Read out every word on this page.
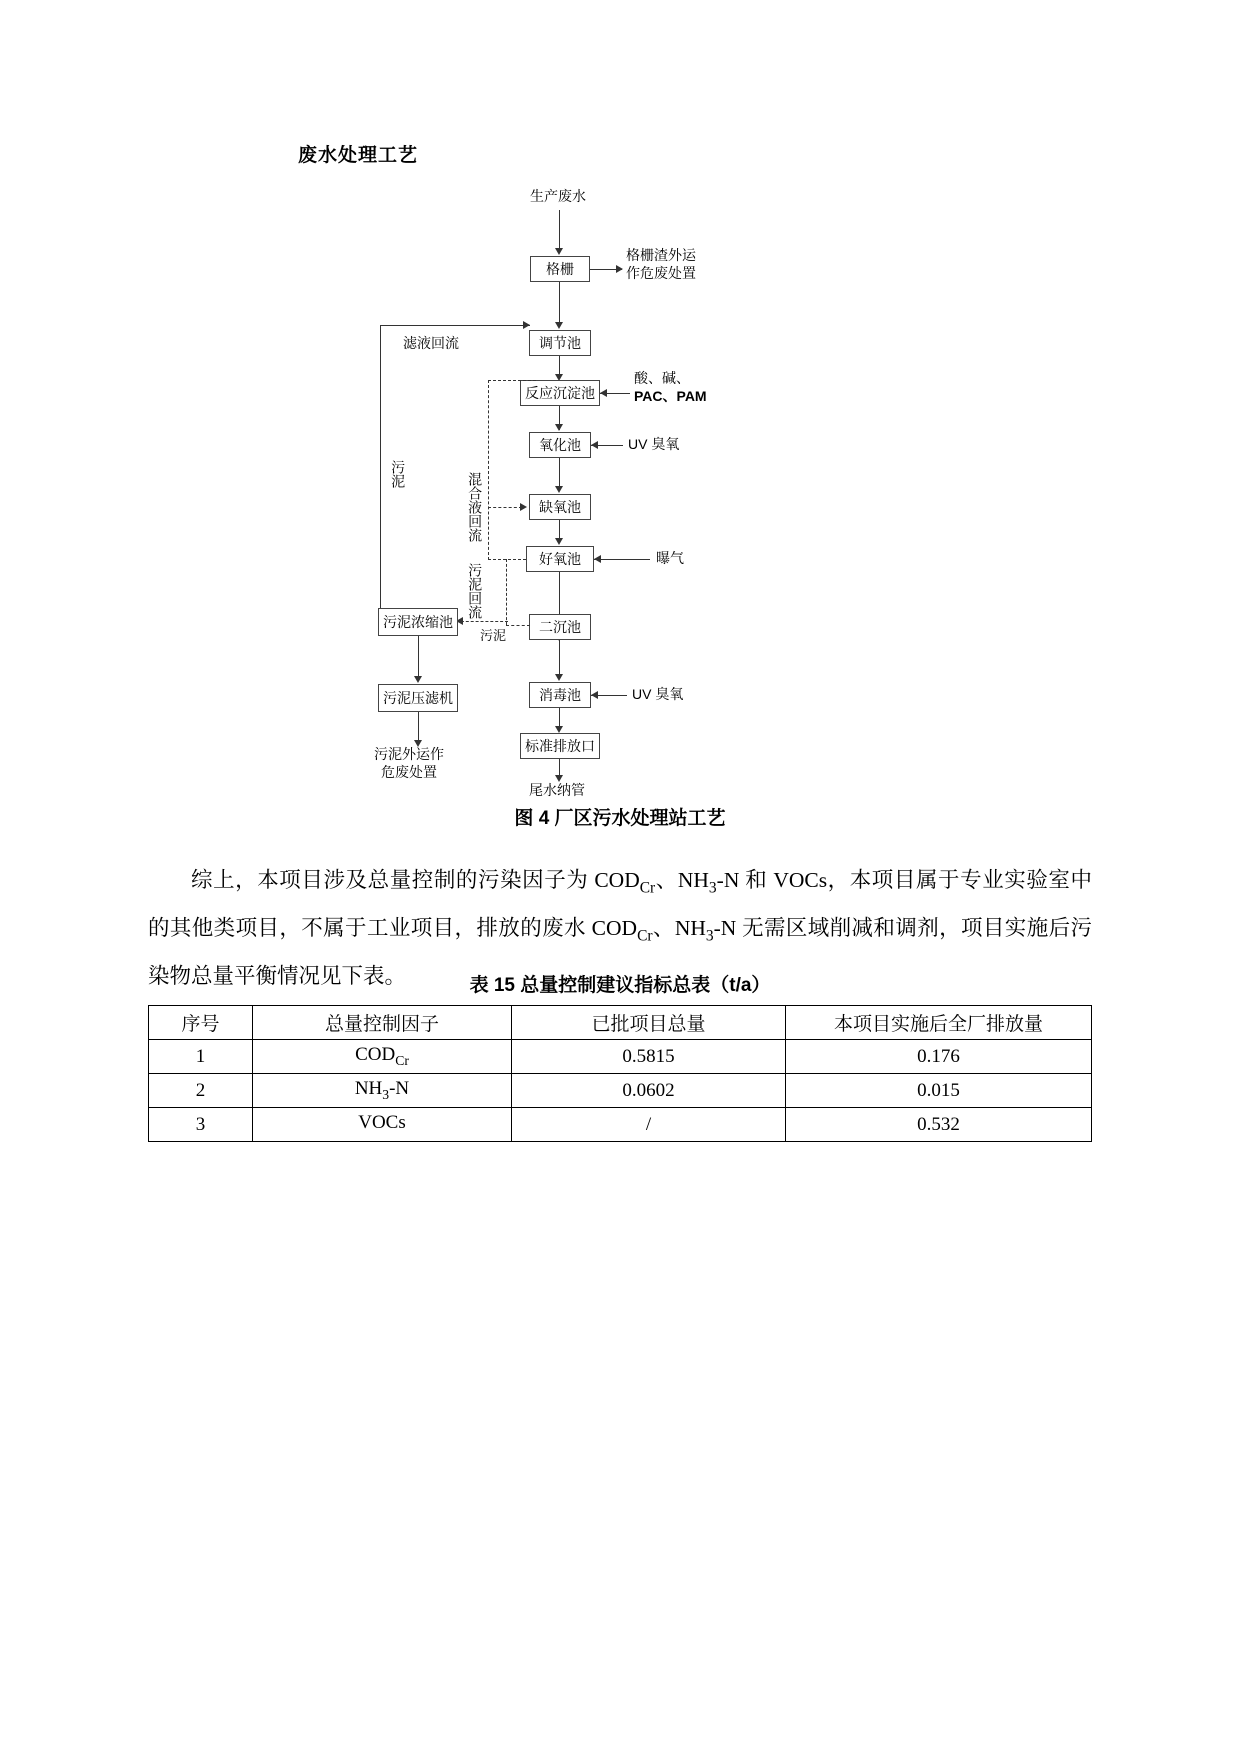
废水处理工艺
生产废水
格栅
格栅渣外运
作危废处置
调节池
滤液回流
反应沉淀池
酸、碱、
PAC、PAM
氧化池	UV 臭氧
缺氧池
好氧池	曝气
二沉池
混合液回流
污泥回流
污泥
污泥
污泥浓缩池
污泥压滤机
污泥外运作
危废处置
消毒池	UV 臭氧
标准排放口
尾水纳管
图 4 厂区污水处理站工艺

综上，本项目涉及总量控制的污染因子为 $COD_{Cr}$、$NH_3-N$ 和 VOCs，本项目属于专业实验室中的其他类项目，不属于工业项目，排放的废水 $COD_{Cr}$、$NH_3-N$ 无需区域削减和调剂，项目实施后污染物总量平衡情况见下表。	表 15 总量控制建议指标总表（t/a）
序号	总量控制因子	已批项目总量	本项目实施后全厂排放量
1	$COD_{Cr}$	0.5815	0.176
2	$NH_3-N$	0.0602	0.015
3	VOCs	/	0.532
